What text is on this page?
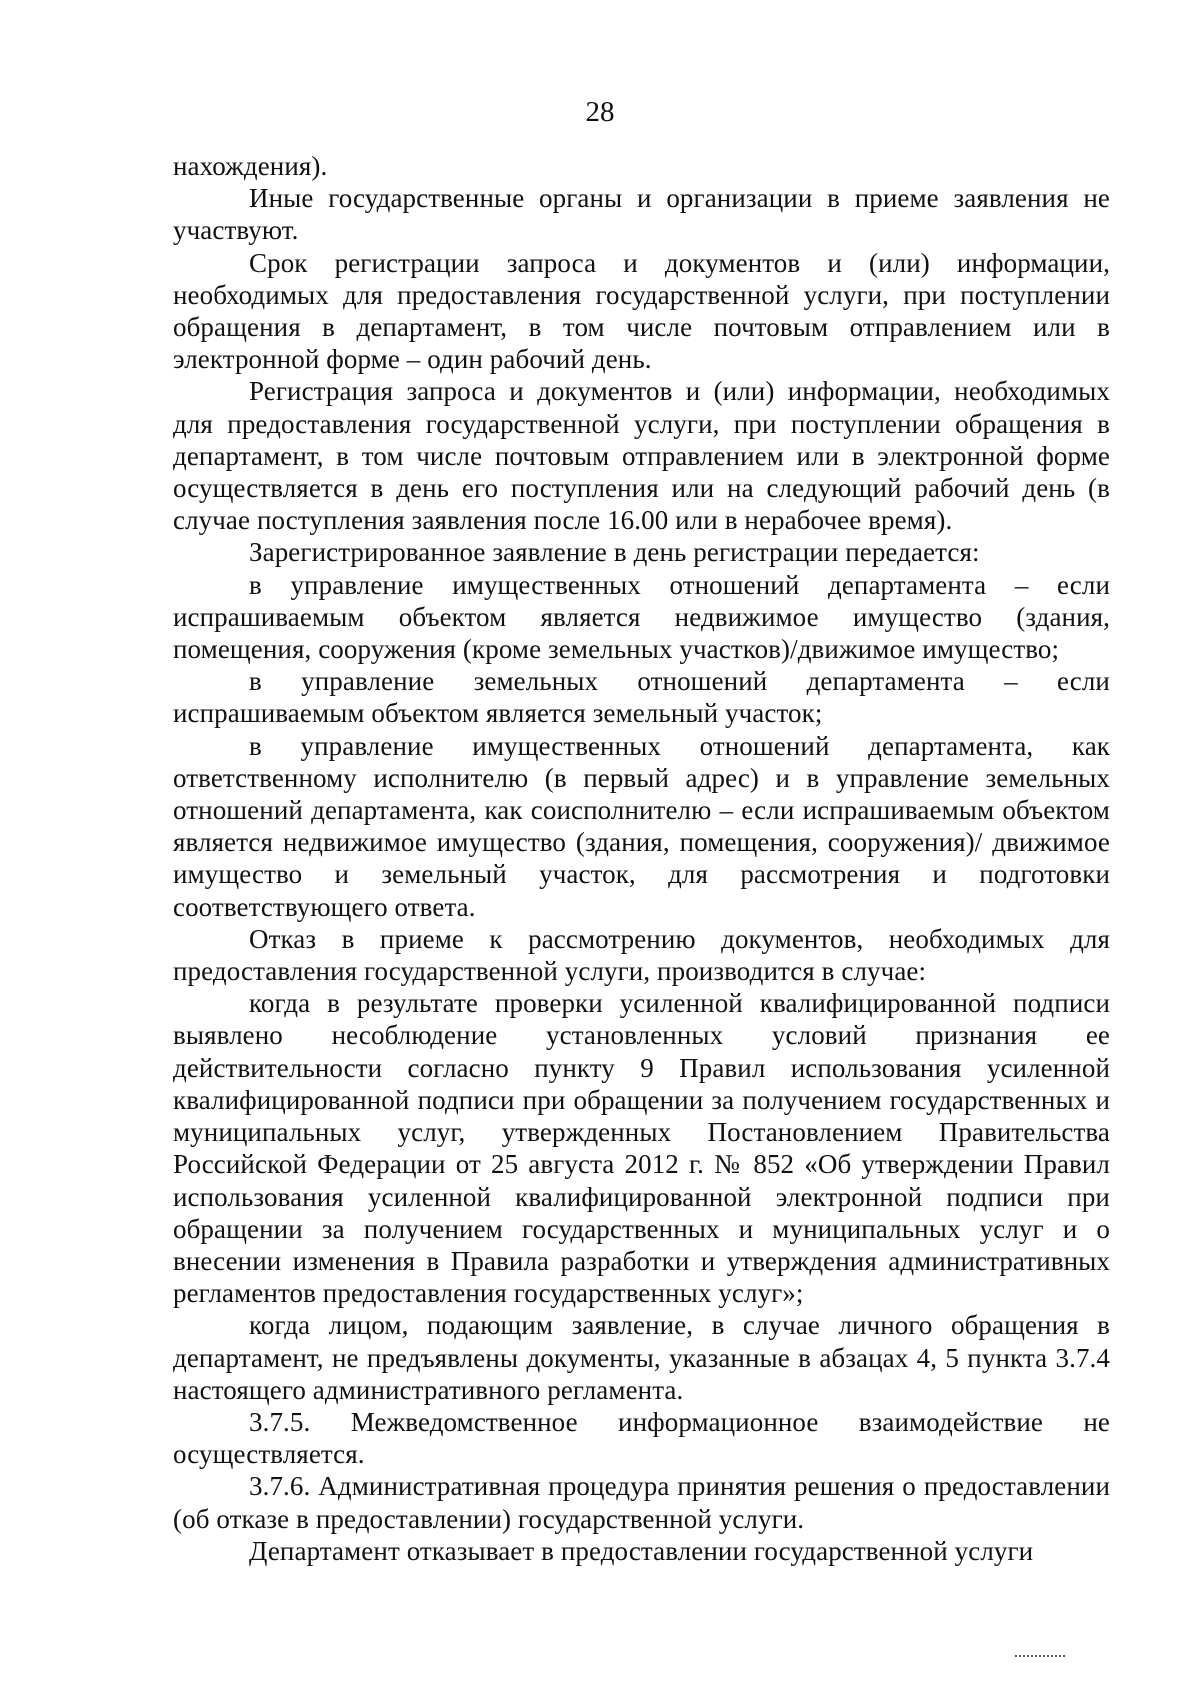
28

нахождения).

Иные государственные органы и организации в приеме заявления не участвуют.

Срок регистрации запроса и документов и (или) информации, необходимых для предоставления государственной услуги, при поступлении обращения в департамент, в том числе почтовым отправлением или в электронной форме – один рабочий день.

Регистрация запроса и документов и (или) информации, необходимых для предоставления государственной услуги, при поступлении обращения в департамент, в том числе почтовым отправлением или в электронной форме осуществляется в день его поступления или на следующий рабочий день (в случае поступления заявления после 16.00 или в нерабочее время).

Зарегистрированное заявление в день регистрации передается:

в управление имущественных отношений департамента – если испрашиваемым объектом является недвижимое имущество (здания, помещения, сооружения (кроме земельных участков)/движимое имущество;

в управление земельных отношений департамента – если испрашиваемым объектом является земельный участок;

в управление имущественных отношений департамента, как ответственному исполнителю (в первый адрес) и в управление земельных отношений департамента, как соисполнителю – если испрашиваемым объектом является недвижимое имущество (здания, помещения, сооружения)/ движимое имущество и земельный участок, для рассмотрения и подготовки соответствующего ответа.

Отказ в приеме к рассмотрению документов, необходимых для предоставления государственной услуги, производится в случае:

когда в результате проверки усиленной квалифицированной подписи выявлено несоблюдение установленных условий признания ее действительности согласно пункту 9 Правил использования усиленной квалифицированной подписи при обращении за получением государственных и муниципальных услуг, утвержденных Постановлением Правительства Российской Федерации от 25 августа 2012 г. № 852 «Об утверждении Правил использования усиленной квалифицированной электронной подписи при обращении за получением государственных и муниципальных услуг и о внесении изменения в Правила разработки и утверждения административных регламентов предоставления государственных услуг»;

когда лицом, подающим заявление, в случае личного обращения в департамент, не предъявлены документы, указанные в абзацах 4, 5 пункта 3.7.4 настоящего административного регламента.

3.7.5. Межведомственное информационное взаимодействие не осуществляется.

3.7.6. Административная процедура принятия решения о предоставлении (об отказе в предоставлении) государственной услуги.

Департамент отказывает в предоставлении государственной услуги
